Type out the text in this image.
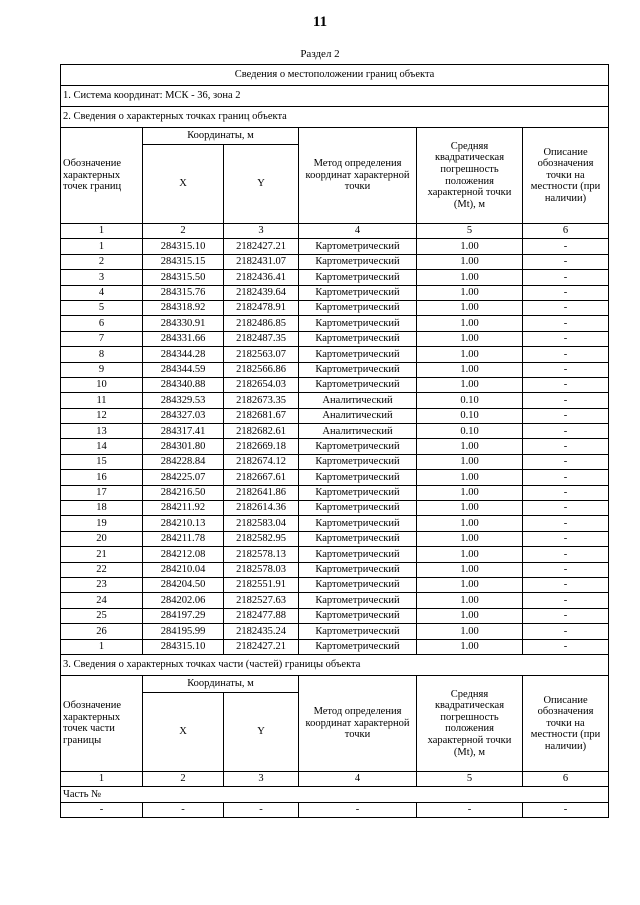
11
Раздел 2
Сведения о местоположении границ объекта					
1. Система координат: МСК - 36, зона 2					
2. Сведения о характерных точках границ объекта					
Обозначение характерных точек границ	Координаты, м		Метод определения координат характерной точки	Средняя квадратическая погрешность положения характерной точки (Mt), м	Описание обозначения точки на местности (при наличии)
	X	Y			
1	2	3	4	5	6
1	284315.10	2182427.21	Картометрический	1.00	-
2	284315.15	2182431.07	Картометрический	1.00	-
3	284315.50	2182436.41	Картометрический	1.00	-
4	284315.76	2182439.64	Картометрический	1.00	-
5	284318.92	2182478.91	Картометрический	1.00	-
6	284330.91	2182486.85	Картометрический	1.00	-
7	284331.66	2182487.35	Картометрический	1.00	-
8	284344.28	2182563.07	Картометрический	1.00	-
9	284344.59	2182566.86	Картометрический	1.00	-
10	284340.88	2182654.03	Картометрический	1.00	-
11	284329.53	2182673.35	Аналитический	0.10	-
12	284327.03	2182681.67	Аналитический	0.10	-
13	284317.41	2182682.61	Аналитический	0.10	-
14	284301.80	2182669.18	Картометрический	1.00	-
15	284228.84	2182674.12	Картометрический	1.00	-
16	284225.07	2182667.61	Картометрический	1.00	-
17	284216.50	2182641.86	Картометрический	1.00	-
18	284211.92	2182614.36	Картометрический	1.00	-
19	284210.13	2182583.04	Картометрический	1.00	-
20	284211.78	2182582.95	Картометрический	1.00	-
21	284212.08	2182578.13	Картометрический	1.00	-
22	284210.04	2182578.03	Картометрический	1.00	-
23	284204.50	2182551.91	Картометрический	1.00	-
24	284202.06	2182527.63	Картометрический	1.00	-
25	284197.29	2182477.88	Картометрический	1.00	-
26	284195.99	2182435.24	Картометрический	1.00	-
1	284315.10	2182427.21	Картометрический	1.00	-
3. Сведения о характерных точках части (частей) границы объекта					
Обозначение характерных точек части границы	Координаты, м		Метод определения координат характерной точки	Средняя квадратическая погрешность положения характерной точки (Mt), м	Описание обозначения точки на местности (при наличии)
	X	Y			
1	2	3	4	5	6
Часть №					
-	-	-	-	-	-
